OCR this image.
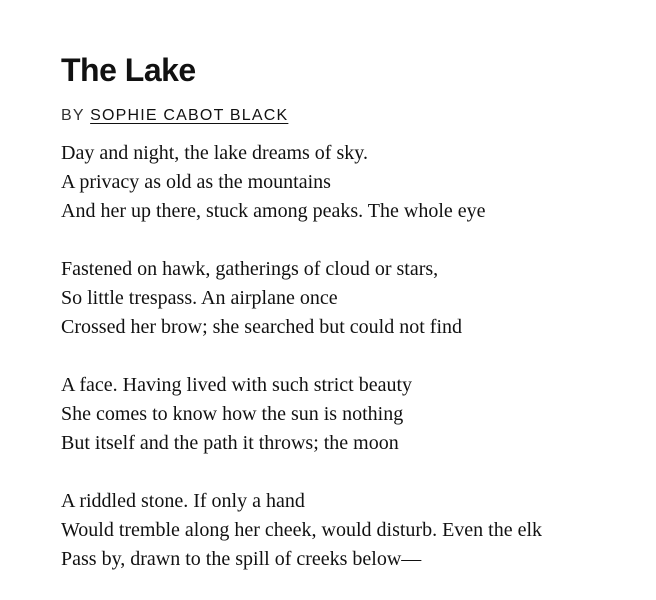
The Lake
BY SOPHIE CABOT BLACK
Day and night, the lake dreams of sky.
A privacy as old as the mountains
And her up there, stuck among peaks. The whole eye
Fastened on hawk, gatherings of cloud or stars,
So little trespass. An airplane once
Crossed her brow; she searched but could not find
A face. Having lived with such strict beauty
She comes to know how the sun is nothing
But itself and the path it throws; the moon
A riddled stone. If only a hand
Would tremble along her cheek, would disturb. Even the elk
Pass by, drawn to the spill of creeks below—
